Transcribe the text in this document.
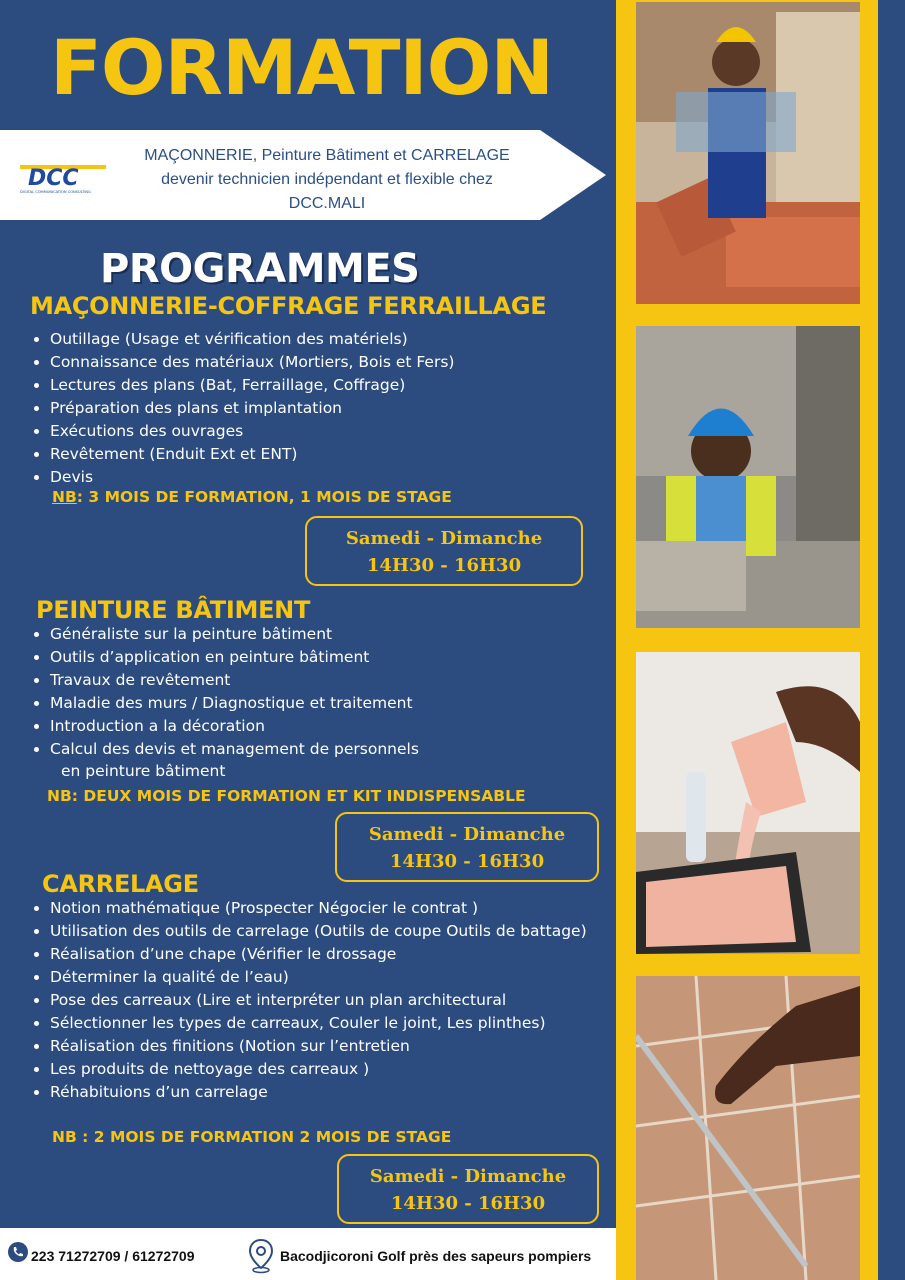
FORMATION
DCC
DIGITAL COMMUNICATION CONSULTING
MAÇONNERIE, Peinture Bâtiment et CARRELAGE
devenir technicien indépendant et flexible chez
DCC.MALI
PROGRAMMES
MAÇONNERIE-COFFRAGE FERRAILLAGE
Outillage (Usage et vérification des matériels)
Connaissance des matériaux (Mortiers, Bois et Fers)
Lectures des plans (Bat, Ferraillage, Coffrage)
Préparation des plans et implantation
Exécutions des ouvrages
Revêtement (Enduit Ext et ENT)
Devis
NB: 3 MOIS DE FORMATION, 1 MOIS DE STAGE
Samedi - Dimanche
14H30 - 16H30
PEINTURE BÂTIMENT
Généraliste sur la peinture bâtiment
Outils d’application en peinture bâtiment
Travaux de revêtement
Maladie des murs / Diagnostique et traitement
Introduction a la décoration
Calcul des devis et management de personnels
en peinture bâtiment
NB: DEUX MOIS DE FORMATION ET KIT INDISPENSABLE
Samedi - Dimanche
14H30 - 16H30
CARRELAGE
Notion mathématique (Prospecter Négocier le contrat )
Utilisation des outils de carrelage (Outils de coupe Outils de battage)
Réalisation d’une chape (Vérifier le drossage
Déterminer la qualité de l’eau)
Pose des carreaux (Lire et interpréter un plan architectural
Sélectionner les types de carreaux, Couler le joint, Les plinthes)
Réalisation des finitions (Notion sur l’entretien
Les produits de nettoyage des carreaux )
Réhabituions d’un carrelage
NB : 2 MOIS DE FORMATION 2 MOIS DE STAGE
Samedi - Dimanche
14H30 - 16H30
223 71272709 / 61272709	Bacodjicoroni Golf près des sapeurs pompiers
